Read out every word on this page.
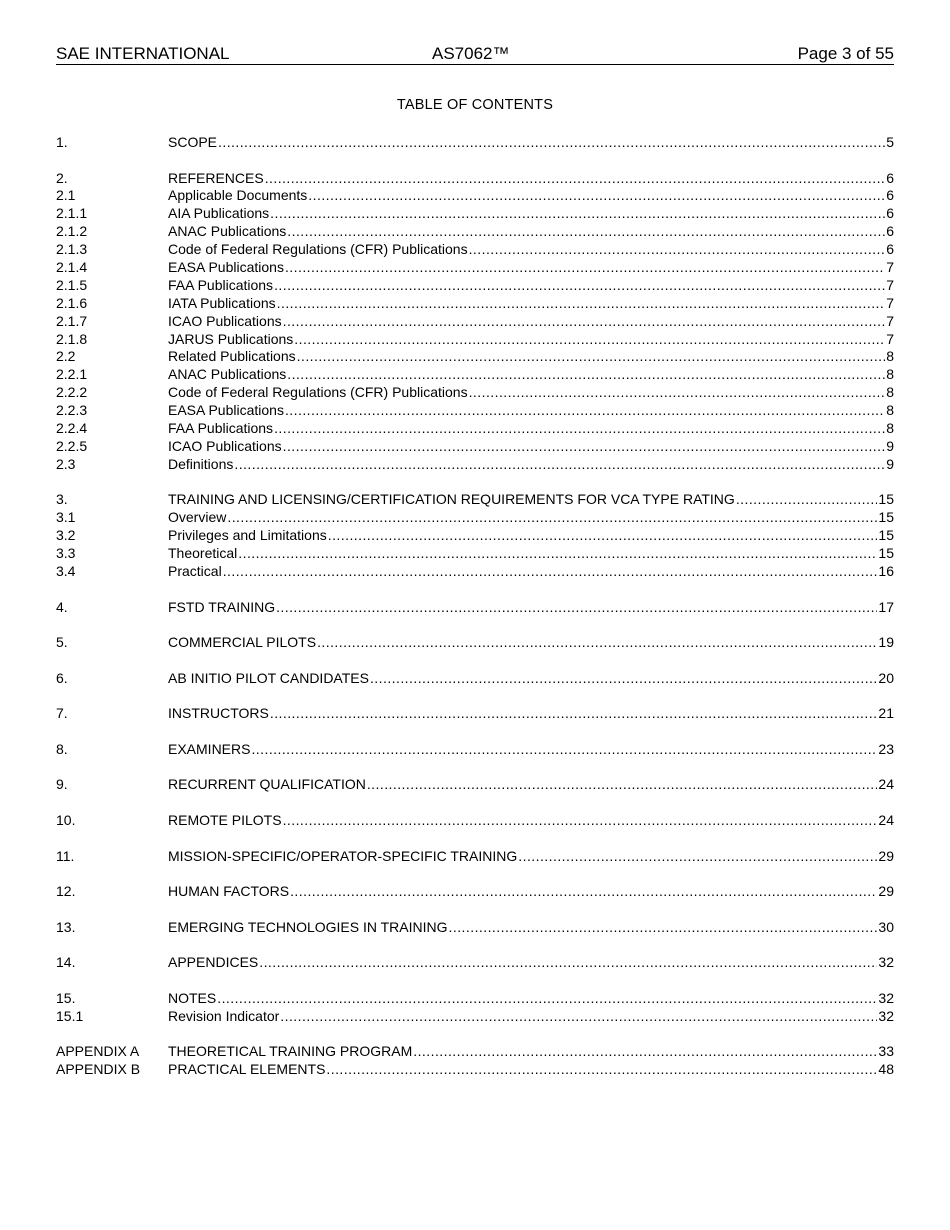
SAE INTERNATIONAL	AS7062™	Page 3 of 55
TABLE OF CONTENTS
1.	SCOPE .....	5
2.	REFERENCES .....	6
2.1	Applicable Documents .....	6
2.1.1	AIA Publications .....	6
2.1.2	ANAC Publications .....	6
2.1.3	Code of Federal Regulations (CFR) Publications .....	6
2.1.4	EASA Publications .....	7
2.1.5	FAA Publications .....	7
2.1.6	IATA Publications .....	7
2.1.7	ICAO Publications .....	7
2.1.8	JARUS Publications .....	7
2.2	Related Publications .....	8
2.2.1	ANAC Publications .....	8
2.2.2	Code of Federal Regulations (CFR) Publications .....	8
2.2.3	EASA Publications .....	8
2.2.4	FAA Publications .....	8
2.2.5	ICAO Publications .....	9
2.3	Definitions .....	9
3.	TRAINING AND LICENSING/CERTIFICATION REQUIREMENTS FOR VCA TYPE RATING .....	15
3.1	Overview .....	15
3.2	Privileges and Limitations .....	15
3.3	Theoretical .....	15
3.4	Practical .....	16
4.	FSTD TRAINING .....	17
5.	COMMERCIAL PILOTS .....	19
6.	AB INITIO PILOT CANDIDATES .....	20
7.	INSTRUCTORS .....	21
8.	EXAMINERS .....	23
9.	RECURRENT QUALIFICATION .....	24
10.	REMOTE PILOTS .....	24
11.	MISSION-SPECIFIC/OPERATOR-SPECIFIC TRAINING .....	29
12.	HUMAN FACTORS .....	29
13.	EMERGING TECHNOLOGIES IN TRAINING .....	30
14.	APPENDICES .....	32
15.	NOTES .....	32
15.1	Revision Indicator .....	32
APPENDIX A	THEORETICAL TRAINING PROGRAM .....	33
APPENDIX B	PRACTICAL ELEMENTS .....	48
